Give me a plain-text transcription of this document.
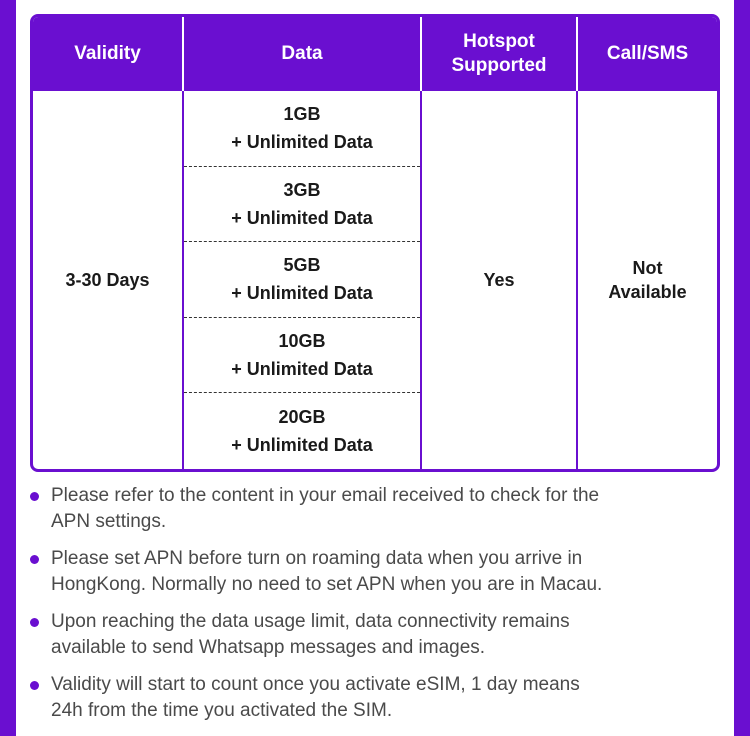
Validity	Data
Hotspot
Supported
Call/SMS
3-30 Days
1GB
+ Unlimited Data
3GB
+ Unlimited Data
5GB
+ Unlimited Data
10GB
+ Unlimited Data
20GB
+ Unlimited Data
Yes
Not
Available
Please refer to the content in your email received to check for the
APN settings.
Please set APN before turn on roaming data when you arrive in
HongKong. Normally no need to set APN when you are in Macau.
Upon reaching the data usage limit, data connectivity remains
available to send Whatsapp messages and images.
Validity will start to count once you activate eSIM, 1 day means
24h from the time you activated the SIM.
